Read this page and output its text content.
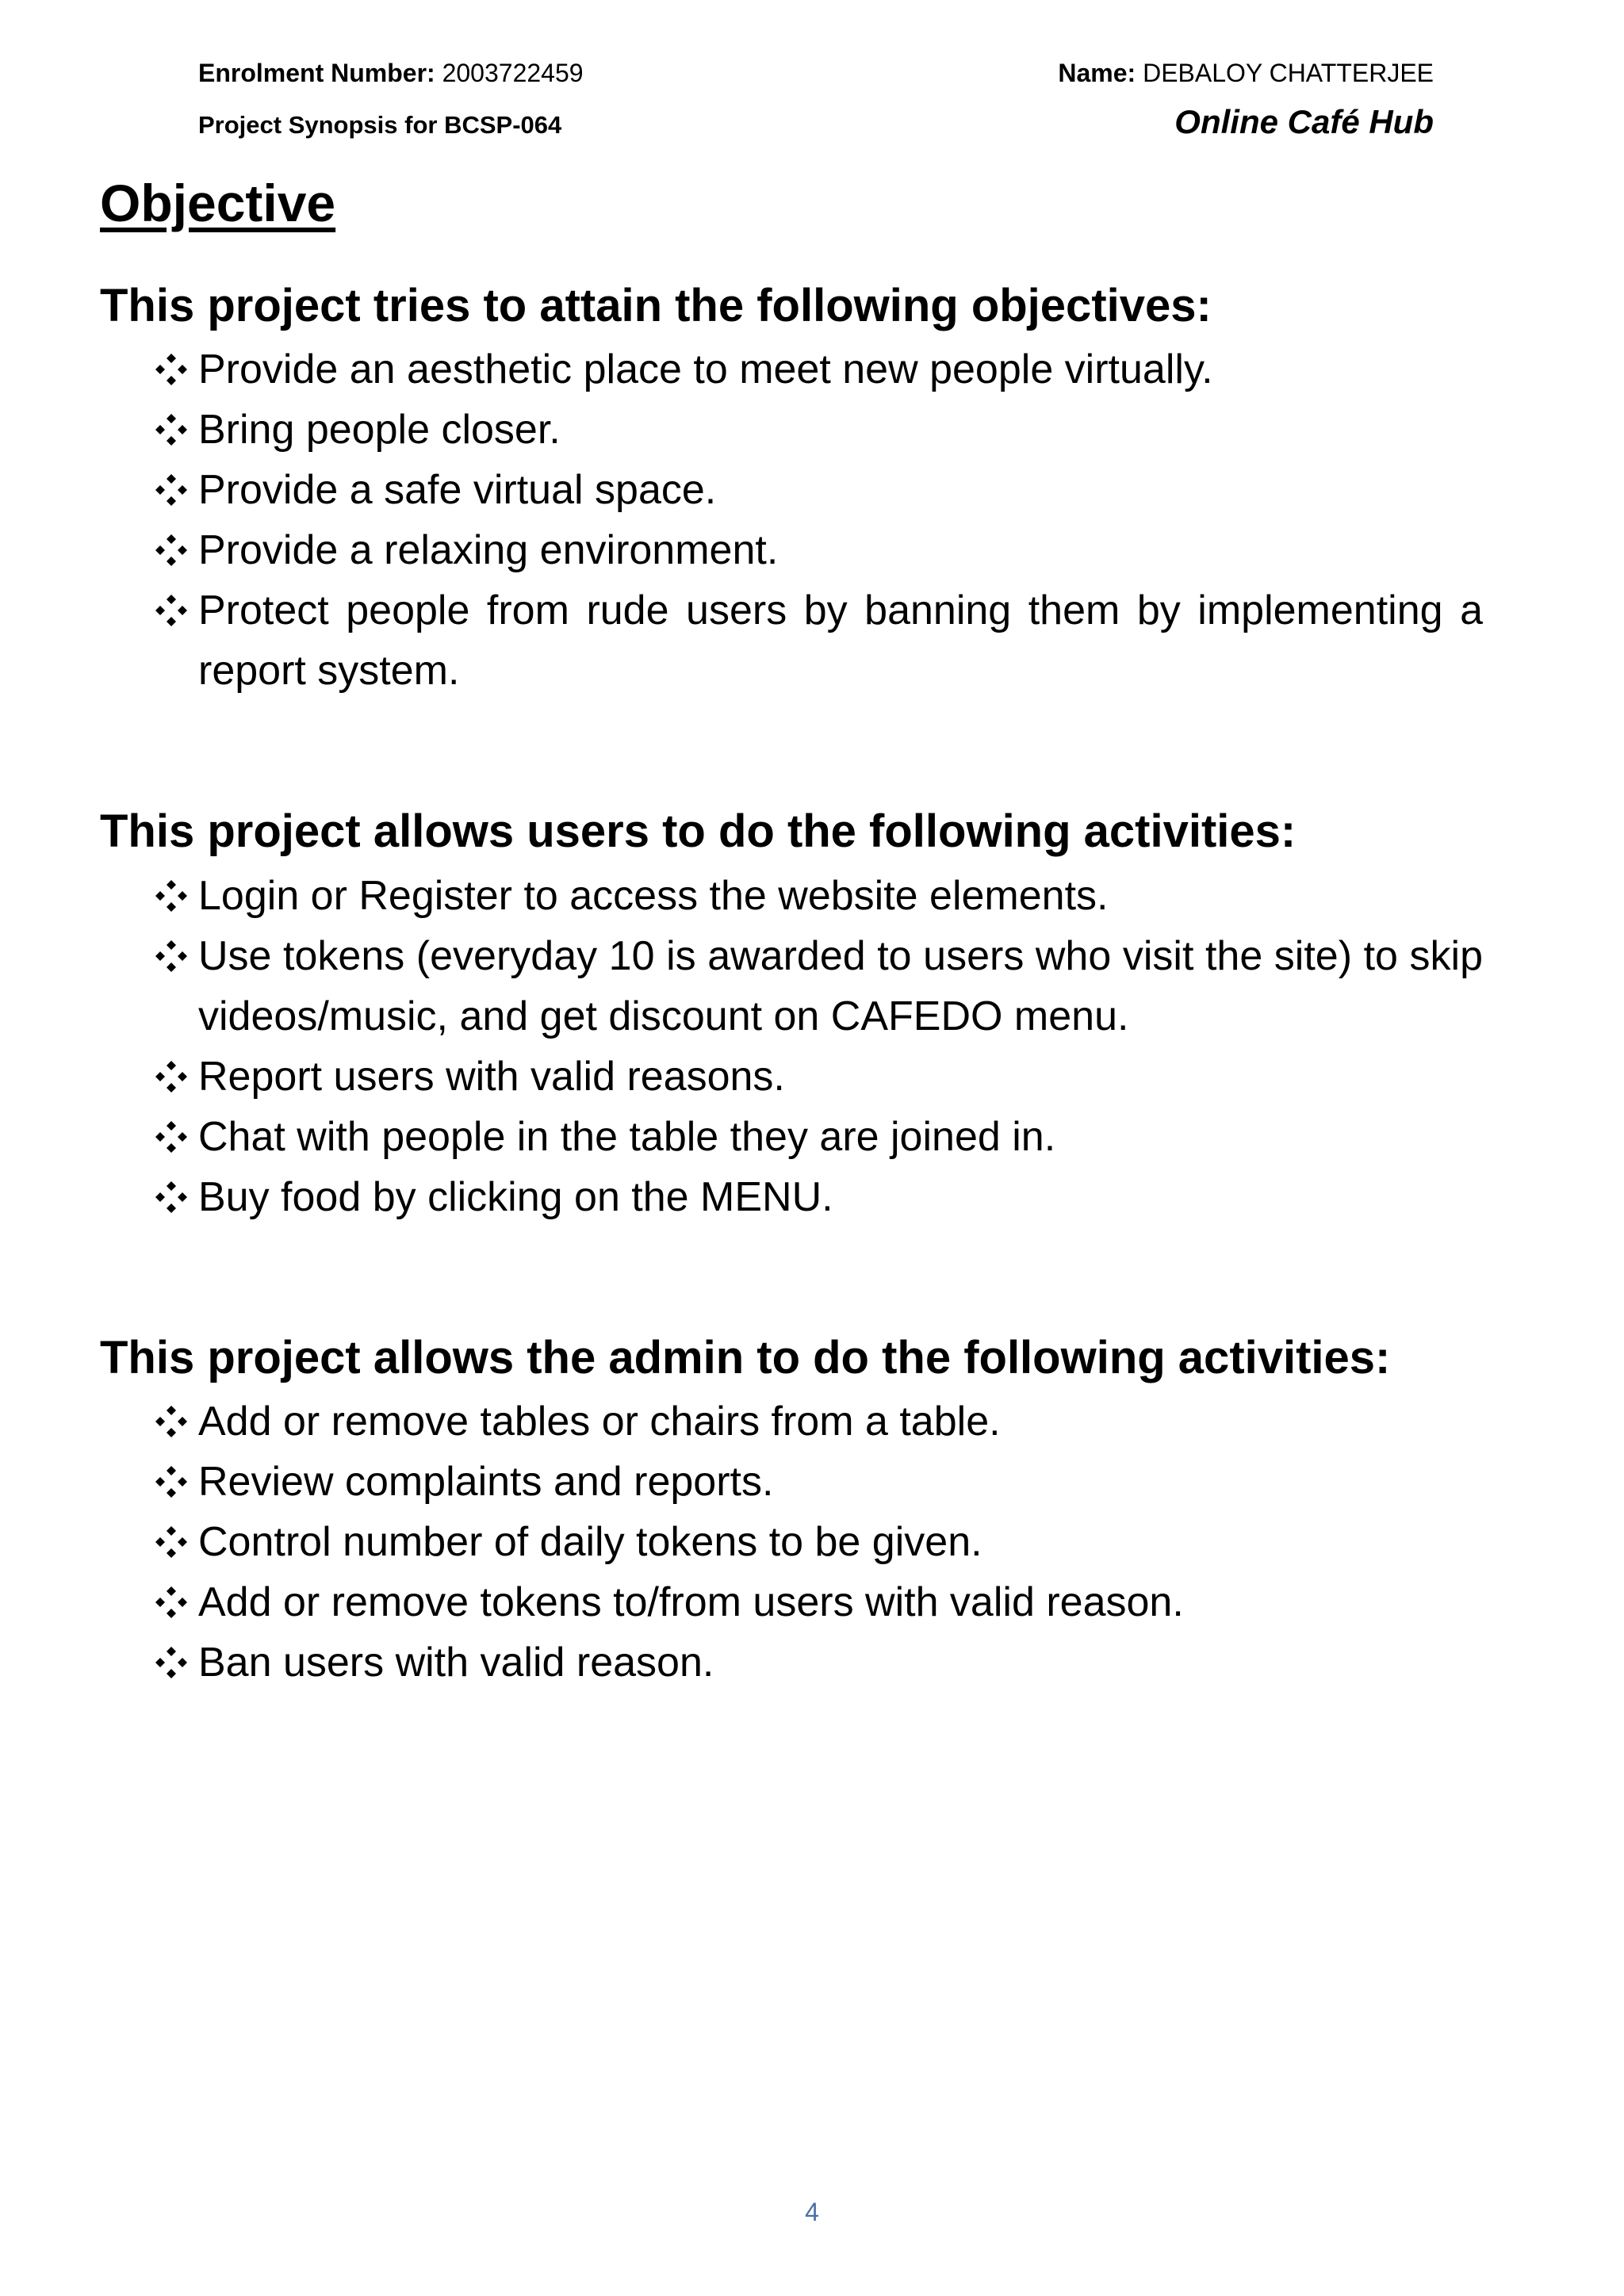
Enrolment Number: 2003722459	Name: DEBALOY CHATTERJEE
Project Synopsis for BCSP-064	Online Café Hub
Objective
This project tries to attain the following objectives:
Provide an aesthetic place to meet new people virtually.
Bring people closer.
Provide a safe virtual space.
Provide a relaxing environment.
Protect people from rude users by banning them by implementing a report system.
This project allows users to do the following activities:
Login or Register to access the website elements.
Use tokens (everyday 10 is awarded to users who visit the site) to skip videos/music, and get discount on CAFEDO menu.
Report users with valid reasons.
Chat with people in the table they are joined in.
Buy food by clicking on the MENU.
This project allows the admin to do the following activities:
Add or remove tables or chairs from a table.
Review complaints and reports.
Control number of daily tokens to be given.
Add or remove tokens to/from users with valid reason.
Ban users with valid reason.
4
